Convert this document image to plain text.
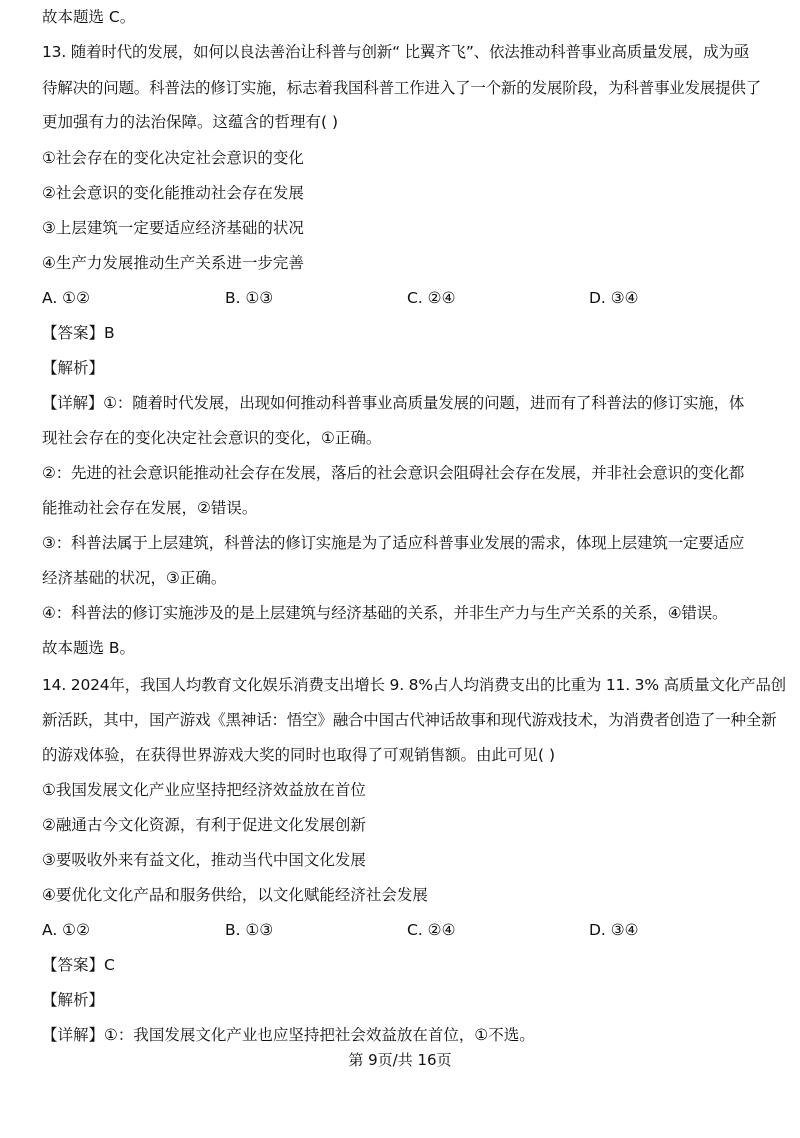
故本题选 C。
13. 随着时代的发展，如何以良法善治让科普与创新“ 比翼齐飞”、依法推动科普事业高质量发展，成为亟
待解决的问题。科普法的修订实施，标志着我国科普工作进入了一个新的发展阶段，为科普事业发展提供了
更加强有力的法治保障。这蕴含的哲理有( )
①社会存在的变化决定社会意识的变化
②社会意识的变化能推动社会存在发展
③上层建筑一定要适应经济基础的状况
④生产力发展推动生产关系进一步完善
A. ①②	B. ①③	C. ②④	D. ③④
【答案】B
【解析】
【详解】①：随着时代发展，出现如何推动科普事业高质量发展的问题，进而有了科普法的修订实施，体
现社会存在的变化决定社会意识的变化，①正确。
②：先进的社会意识能推动社会存在发展，落后的社会意识会阻碍社会存在发展，并非社会意识的变化都
能推动社会存在发展，②错误。
③：科普法属于上层建筑，科普法的修订实施是为了适应科普事业发展的需求，体现上层建筑一定要适应
经济基础的状况，③正确。
④：科普法的修订实施涉及的是上层建筑与经济基础的关系，并非生产力与生产关系的关系，④错误。
故本题选 B。
14. 2024年，我国人均教育文化娱乐消费支出增长 9. 8%占人均消费支出的比重为 11. 3% 高质量文化产品创
新活跃，其中，国产游戏《黑神话：悟空》融合中国古代神话故事和现代游戏技术，为消费者创造了一种全新
的游戏体验，在获得世界游戏大奖的同时也取得了可观销售额。由此可见( )
①我国发展文化产业应坚持把经济效益放在首位
②融通古今文化资源，有利于促进文化发展创新
③要吸收外来有益文化，推动当代中国文化发展
④要优化文化产品和服务供给，以文化赋能经济社会发展
A. ①②	B. ①③	C. ②④	D. ③④
【答案】C
【解析】
【详解】①：我国发展文化产业也应坚持把社会效益放在首位，①不选。
第 9页/共 16页
